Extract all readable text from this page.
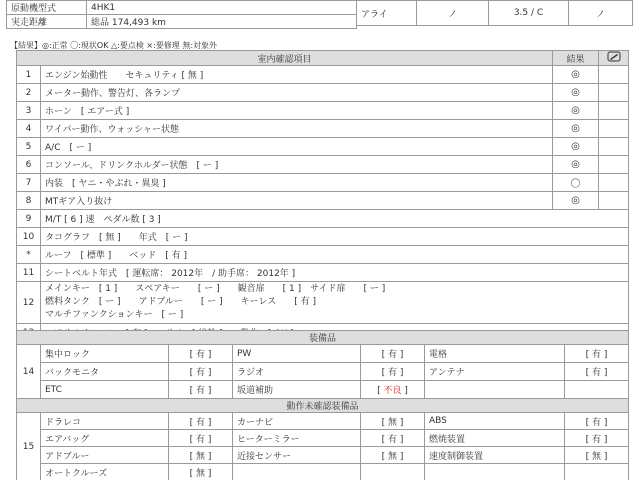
原動機型式	4HK1
実走距離	総品 174,493 km
アライ	ノ	3.5 / C	ノ
【結果】◎:正常 〇:現状OK △:要点検 ×:要修理 無:対象外
室内確認項目		結果	
1	エンジン始動性　　セキュリティ [ 無 ]	◎	
2	メーター動作、警告灯、各ランプ	◎	
3	ホーン　[ エアー式 ]	◎	
4	ワイパー動作、ウォッシャー状態	◎	
5	A/C　[ ー ]	◎	
6	コンソール、ドリンクホルダー状態　[ ー ]	◎	
7	内装　[ ヤニ・やぶれ・異臭 ]	〇	
8	MTギア入り抜け	◎	
9	M/T [ 6 ] 速　ペダル数 [ 3 ]		
10	タコグラフ　[ 無 ]　　年式　[ ー ]		
*	ルーフ　[ 標準 ]　　ベッド　[ 有 ]		
11	シートベルト年式　[ 運転席： 2012年　/ 助手席： 2012年 ]		
12	メインキー　[ 1 ]　　スペアキー　　[ ー ]　　観音扉　　[ 1 ]　サイド扉　　[ ー ]
燃料タンク　[ ー ]　　アドブルー　　[ ー ]　　キーレス　　[ 有 ]
マルチファンクションキー　[ ー ]		

装備品						
14	集中ロック	[ 有 ]	PW	[ 有 ]	電格	[ 有 ]
	バックモニタ	[ 有 ]	ラジオ	[ 有 ]	アンテナ	[ 有 ]
	ETC	[ 有 ]	坂道補助	[ 不良 ]		
動作未確認装備品						
15	ドラレコ	[ 有 ]	カーナビ	[ 無 ]	ABS	[ 有 ]
	エアバッグ	[ 有 ]	ヒーターミラー	[ 有 ]	燃焼装置	[ 有 ]
	アドブルー	[ 無 ]	近接センサー	[ 無 ]	速度制御装置	[ 無 ]
	オートクルーズ	[ 無 ]				
